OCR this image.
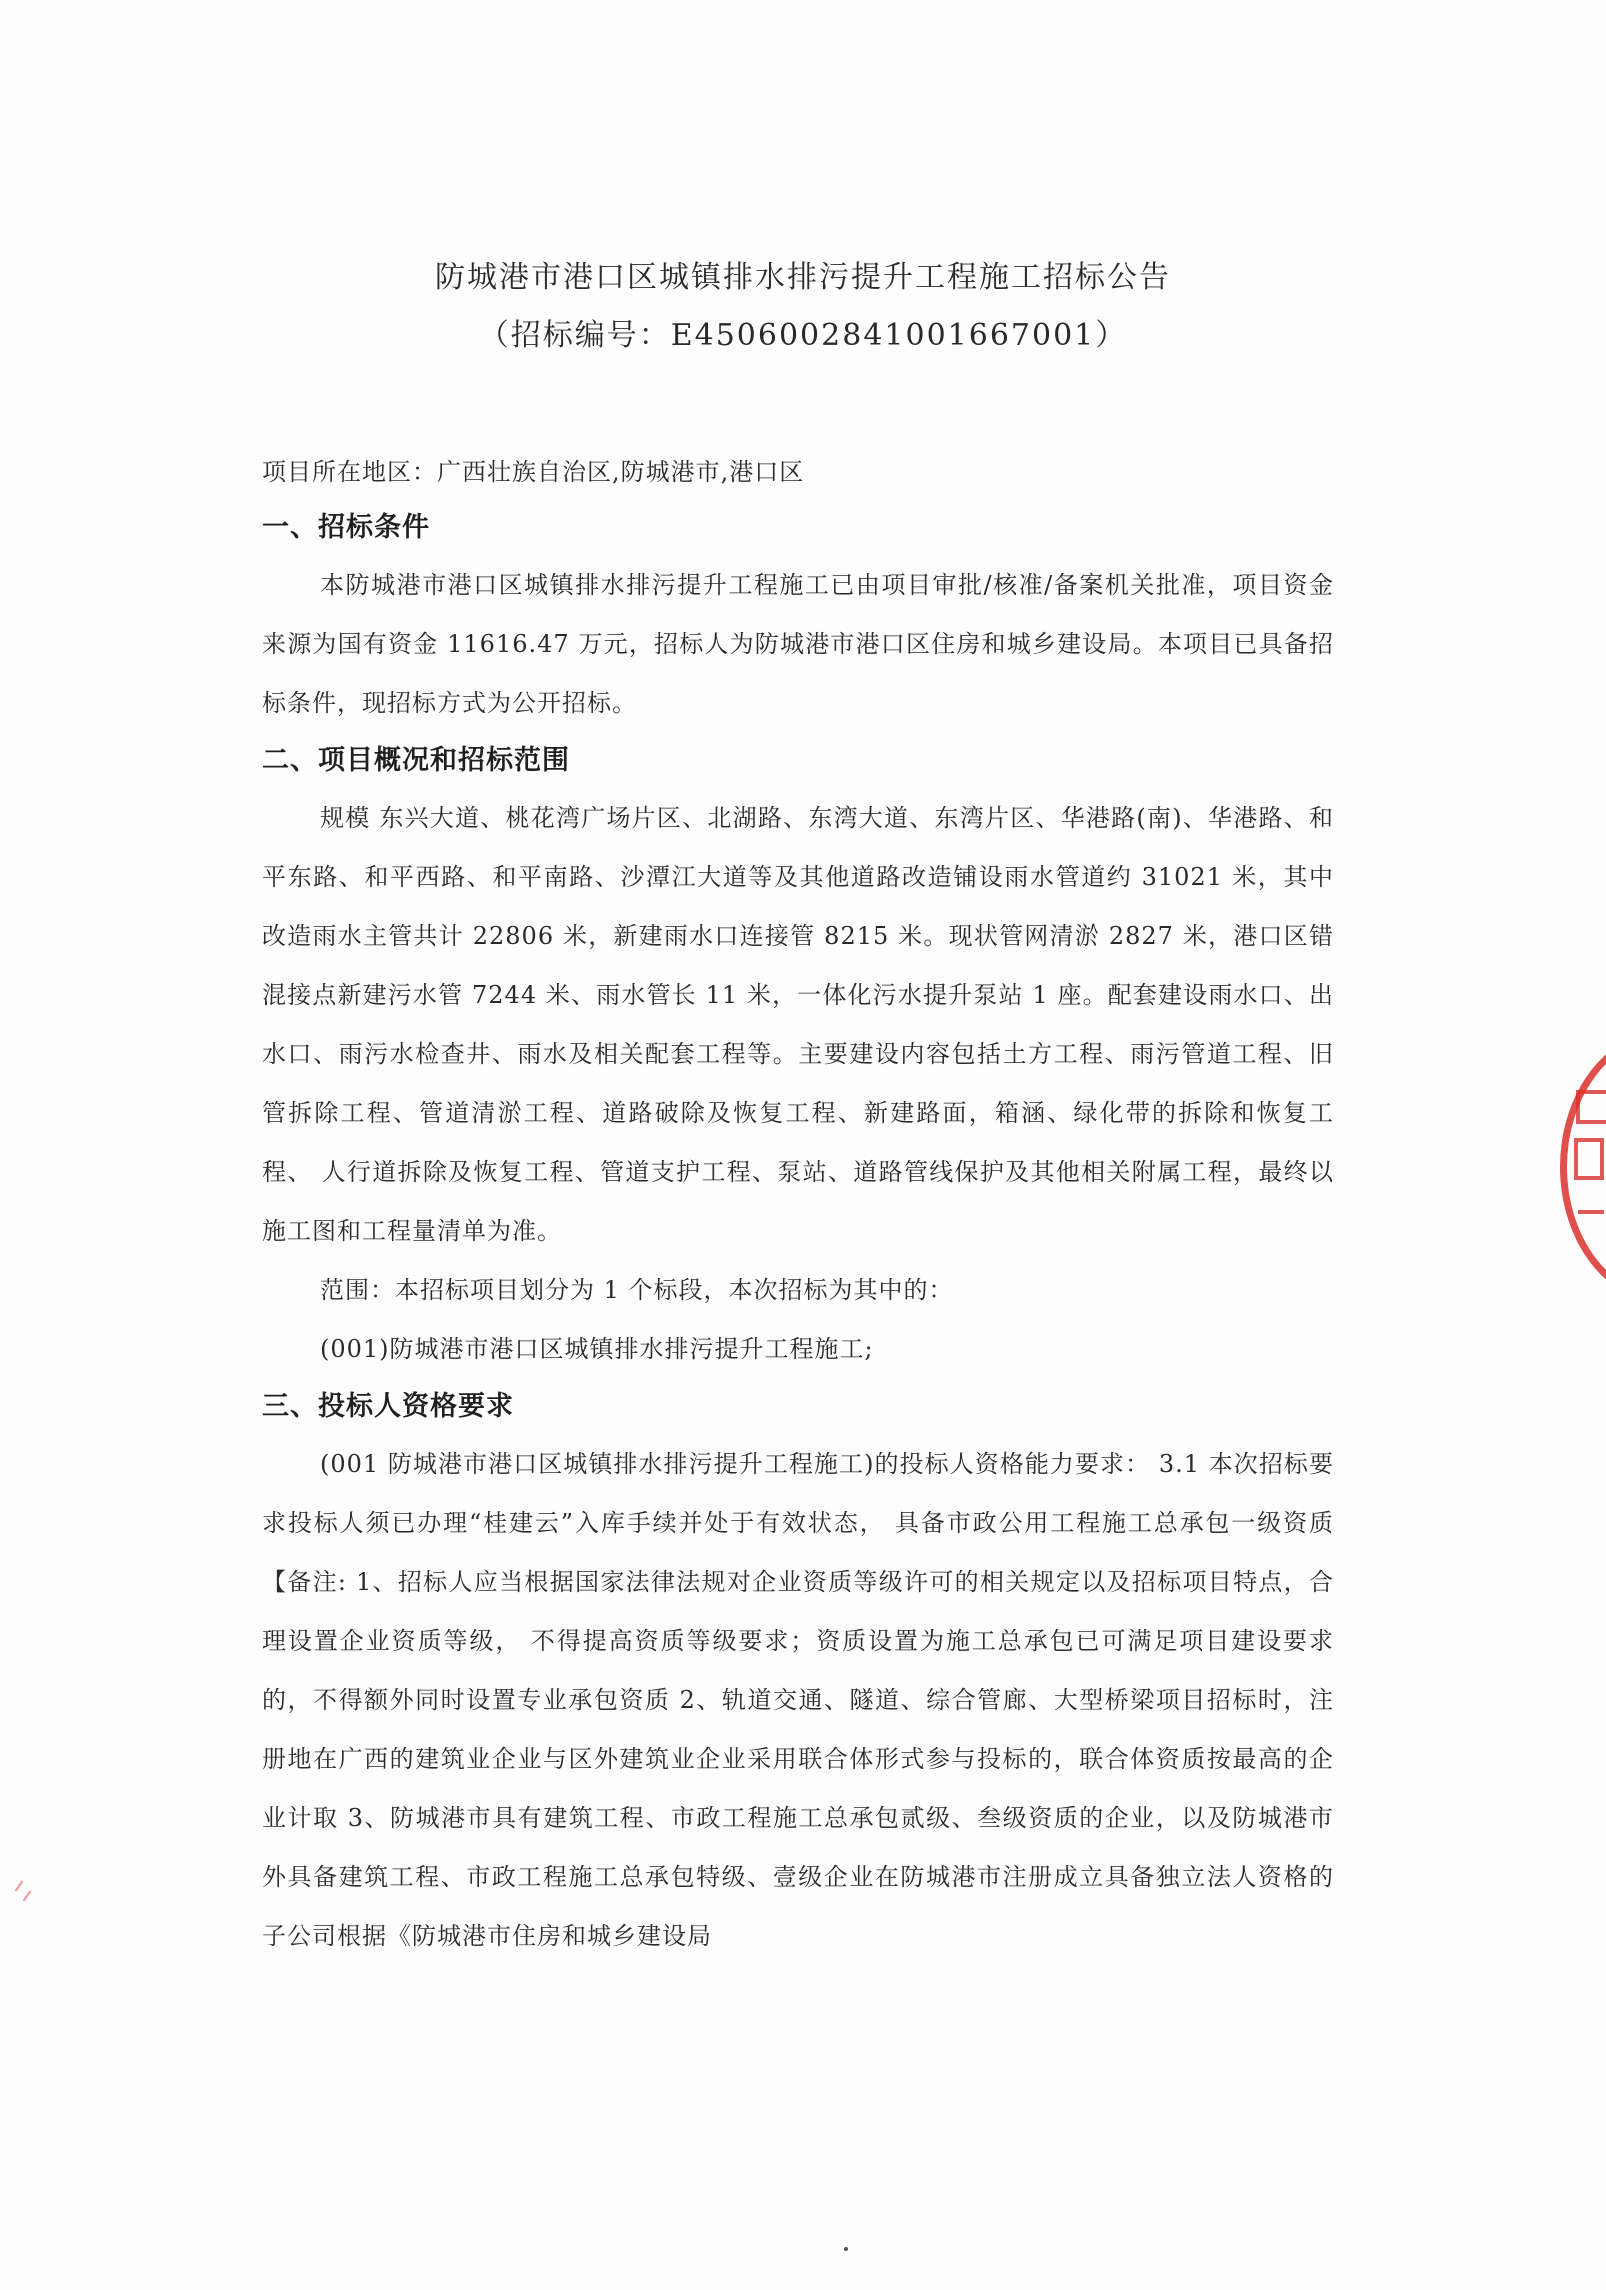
防城港市港口区城镇排水排污提升工程施工招标公告
（招标编号：E4506002841001667001）
项目所在地区：广西壮族自治区,防城港市,港口区
一、招标条件
本防城港市港口区城镇排水排污提升工程施工已由项目审批/核准/备案机关批准，项目资金来源为国有资金 11616.47 万元，招标人为防城港市港口区住房和城乡建设局。本项目已具备招标条件，现招标方式为公开招标。
二、项目概况和招标范围
规模 东兴大道、桃花湾广场片区、北湖路、东湾大道、东湾片区、华港路(南)、华港路、和平东路、和平西路、和平南路、沙潭江大道等及其他道路改造铺设雨水管道约 31021 米，其中改造雨水主管共计 22806 米，新建雨水口连接管 8215 米。现状管网清淤 2827 米，港口区错混接点新建污水管 7244 米、雨水管长 11 米，一体化污水提升泵站 1 座。配套建设雨水口、出水口、雨污水检查井、雨水及相关配套工程等。主要建设内容包括土方工程、雨污管道工程、旧管拆除工程、管道清淤工程、道路破除及恢复工程、新建路面，箱涵、绿化带的拆除和恢复工程、 人行道拆除及恢复工程、管道支护工程、泵站、道路管线保护及其他相关附属工程，最终以施工图和工程量清单为准。
范围：本招标项目划分为 1 个标段，本次招标为其中的：
(001)防城港市港口区城镇排水排污提升工程施工;
三、投标人资格要求
(001 防城港市港口区城镇排水排污提升工程施工)的投标人资格能力要求： 3.1 本次招标要求投标人须已办理“桂建云”入库手续并处于有效状态， 具备市政公用工程施工总承包一级资质 【备注: 1、招标人应当根据国家法律法规对企业资质等级许可的相关规定以及招标项目特点，合理设置企业资质等级， 不得提高资质等级要求；资质设置为施工总承包已可满足项目建设要求的，不得额外同时设置专业承包资质 2、轨道交通、隧道、综合管廊、大型桥梁项目招标时，注册地在广西的建筑业企业与区外建筑业企业采用联合体形式参与投标的，联合体资质按最高的企业计取 3、防城港市具有建筑工程、市政工程施工总承包贰级、叁级资质的企业，以及防城港市外具备建筑工程、市政工程施工总承包特级、壹级企业在防城港市注册成立具备独立法人资格的子公司根据《防城港市住房和城乡建设局
